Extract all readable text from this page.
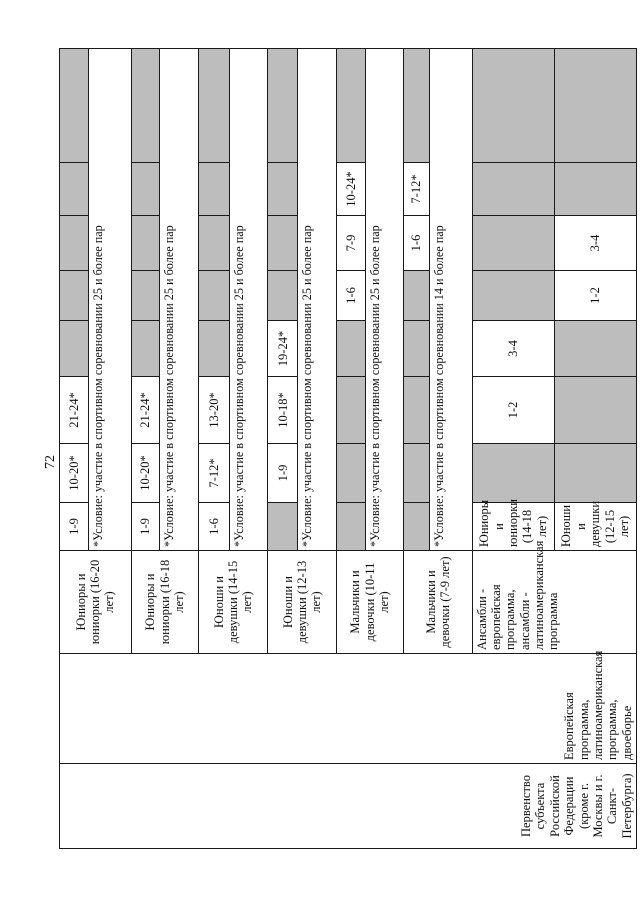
72
Первенство субъекта Российской Федерации (кроме г. Москвы и г. Санкт-Петербурга)	Европейская программа, латиноамериканская программа, двоеборье	Юниоры и юниорки (16-20 лет)	1-9	10-20*	21-24*						
			*Условие: участие в спортивном соревновании 25 и более пар								
		Юниоры и юниорки (16-18 лет)	1-9	10-20*	21-24*						
			*Условие: участие в спортивном соревновании 25 и более пар								
		Юноши и девушки (14-15 лет)	1-6	7-12*	13-20*						
			*Условие: участие в спортивном соревновании 25 и более пар								
		Юноши и девушки (12-13 лет)		1-9	10-18*	19-24*					
			*Условие: участие в спортивном соревновании 25 и более пар								
		Мальчики и девочки (10-11 лет)					1-6	7-9	10-24*		
			*Условие: участие в спортивном соревновании 25 и более пар								
		Мальчики и девочки (7-9 лет)						1-6	7-12*		
			*Условие: участие в спортивном соревновании 14 и более пар								
		Ансамбли - европейская программа, ансамбли - латиноамериканская программа	Юниоры и юниорки (14-18 лет)		1-2	3-4					
			Юноши и девушки (12-15 лет)				1-2	3-4			
